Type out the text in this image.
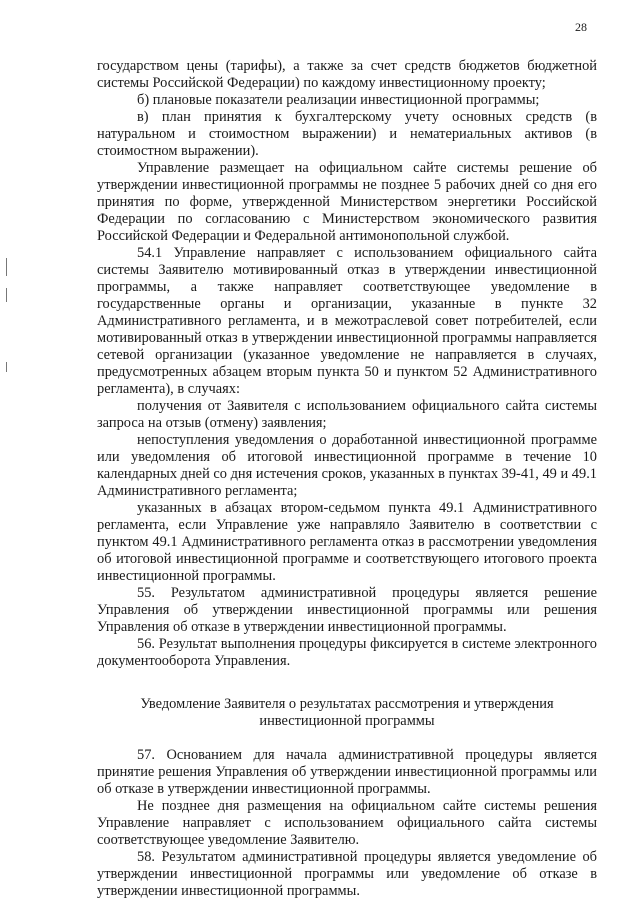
28

государством цены (тарифы), а также за счет средств бюджетов бюджетной системы Российской Федерации) по каждому инвестиционному проекту;

б) плановые показатели реализации инвестиционной программы;

в) план принятия к бухгалтерскому учету основных средств (в натуральном и стоимостном выражении) и нематериальных активов (в стоимостном выражении).

Управление размещает на официальном сайте системы решение об утверждении инвестиционной программы не позднее 5 рабочих дней со дня его принятия по форме, утвержденной Министерством энергетики Российской Федерации по согласованию с Министерством экономического развития Российской Федерации и Федеральной антимонопольной службой.

54.1 Управление направляет с использованием официального сайта системы Заявителю мотивированный отказ в утверждении инвестиционной программы, а также направляет соответствующее уведомление в государственные органы и организации, указанные в пункте 32 Административного регламента, и в межотраслевой совет потребителей, если мотивированный отказ в утверждении инвестиционной программы направляется сетевой организации (указанное уведомление не направляется в случаях, предусмотренных абзацем вторым пункта 50 и пунктом 52 Административного регламента), в случаях:

получения от Заявителя с использованием официального сайта системы запроса на отзыв (отмену) заявления;

непоступления уведомления о доработанной инвестиционной программе или уведомления об итоговой инвестиционной программе в течение 10 календарных дней со дня истечения сроков, указанных в пунктах 39-41, 49 и 49.1 Административного регламента;

указанных в абзацах втором-седьмом пункта 49.1 Административного регламента, если Управление уже направляло Заявителю в соответствии с пунктом 49.1 Административного регламента отказ в рассмотрении уведомления об итоговой инвестиционной программе и соответствующего итогового проекта инвестиционной программы.

55. Результатом административной процедуры является решение Управления об утверждении инвестиционной программы или решения Управления об отказе в утверждении инвестиционной программы.

56. Результат выполнения процедуры фиксируется в системе электронного документооборота Управления.

Уведомление Заявителя о результатах рассмотрения и утверждения инвестиционной программы

57. Основанием для начала административной процедуры является принятие решения Управления об утверждении инвестиционной программы или об отказе в утверждении инвестиционной программы.

Не позднее дня размещения на официальном сайте системы решения Управление направляет с использованием официального сайта системы соответствующее уведомление Заявителю.

58. Результатом административной процедуры является уведомление об утверждении инвестиционной программы или уведомление об отказе в утверждении инвестиционной программы.
